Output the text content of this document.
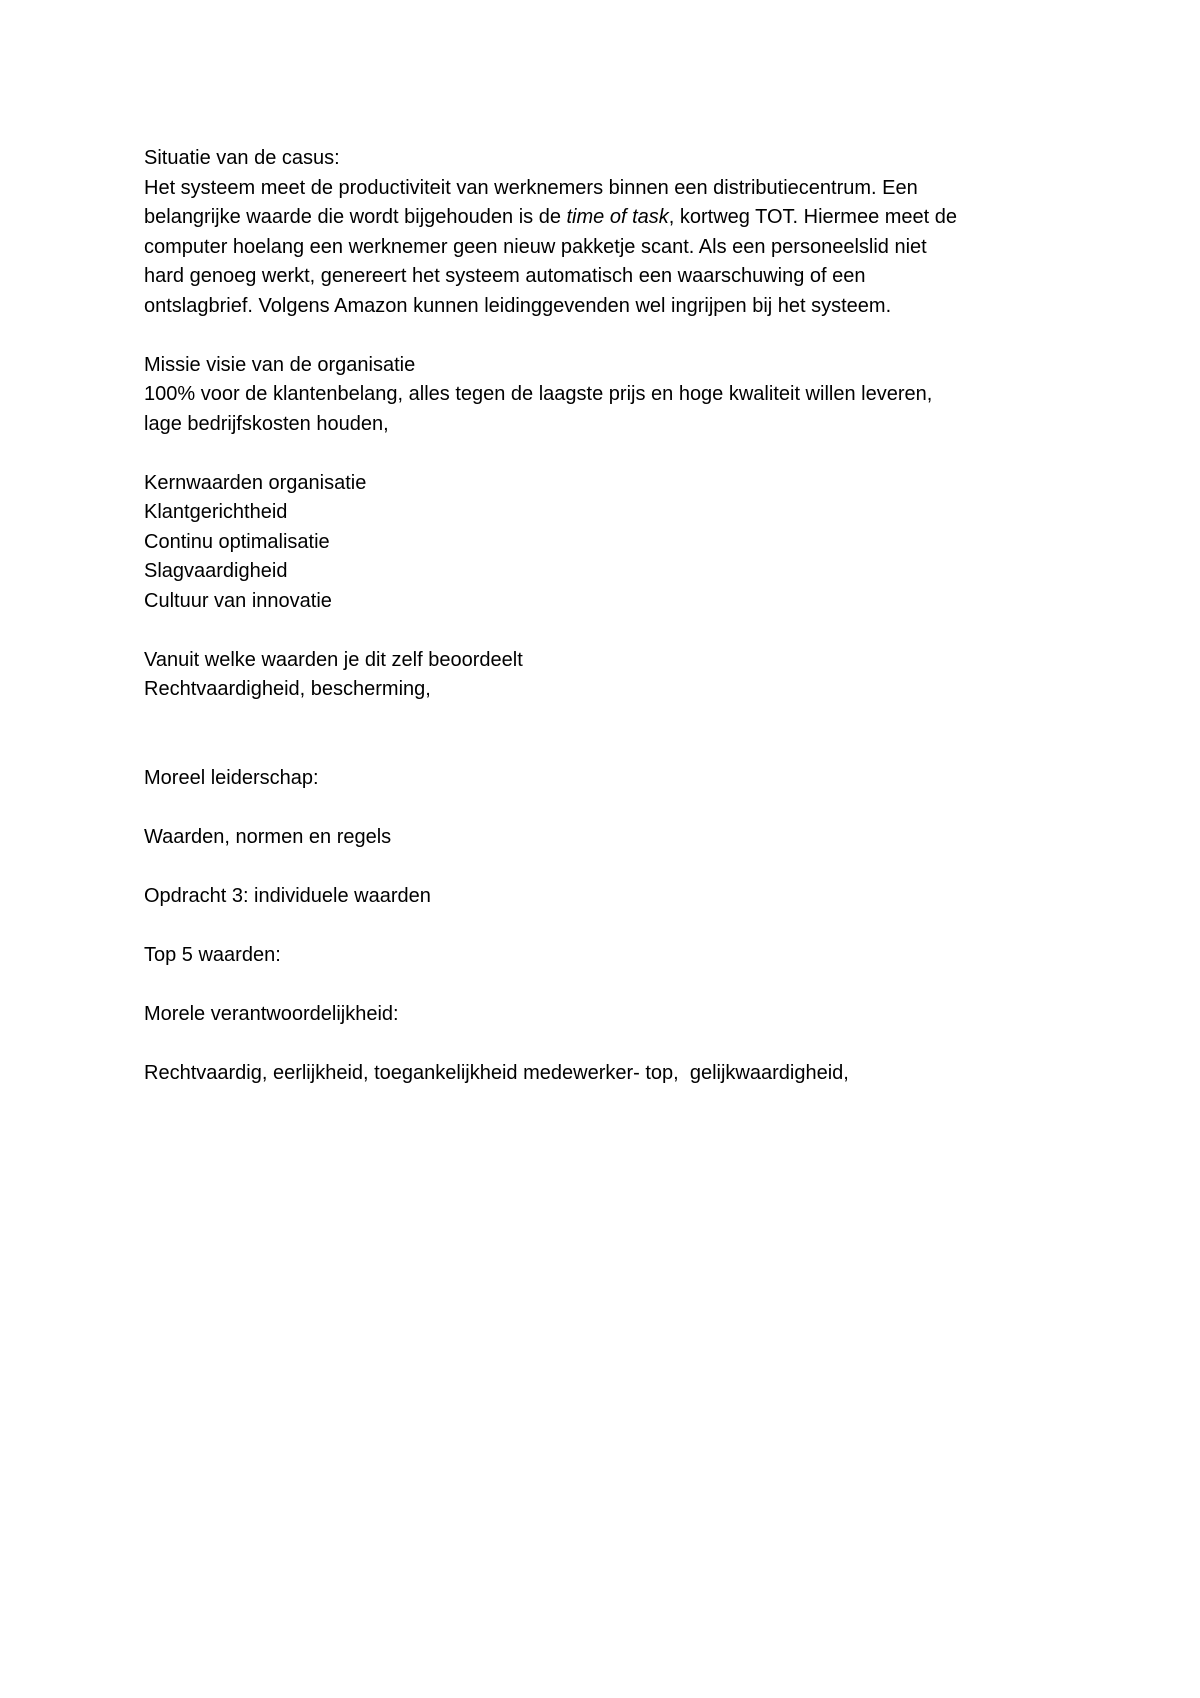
Situatie van de casus:
Het systeem meet de productiviteit van werknemers binnen een distributiecentrum. Een
belangrijke waarde die wordt bijgehouden is de time of task, kortweg TOT. Hiermee meet de
computer hoelang een werknemer geen nieuw pakketje scant. Als een personeelslid niet
hard genoeg werkt, genereert het systeem automatisch een waarschuwing of een
ontslagbrief. Volgens Amazon kunnen leidinggevenden wel ingrijpen bij het systeem.
Missie visie van de organisatie
100% voor de klantenbelang, alles tegen de laagste prijs en hoge kwaliteit willen leveren,
lage bedrijfskosten houden,
Kernwaarden organisatie
Klantgerichtheid
Continu optimalisatie
Slagvaardigheid
Cultuur van innovatie
Vanuit welke waarden je dit zelf beoordeelt
Rechtvaardigheid, bescherming,
Moreel leiderschap:
Waarden, normen en regels
Opdracht 3: individuele waarden
Top 5 waarden:
Morele verantwoordelijkheid:
Rechtvaardig, eerlijkheid, toegankelijkheid medewerker- top,  gelijkwaardigheid,
